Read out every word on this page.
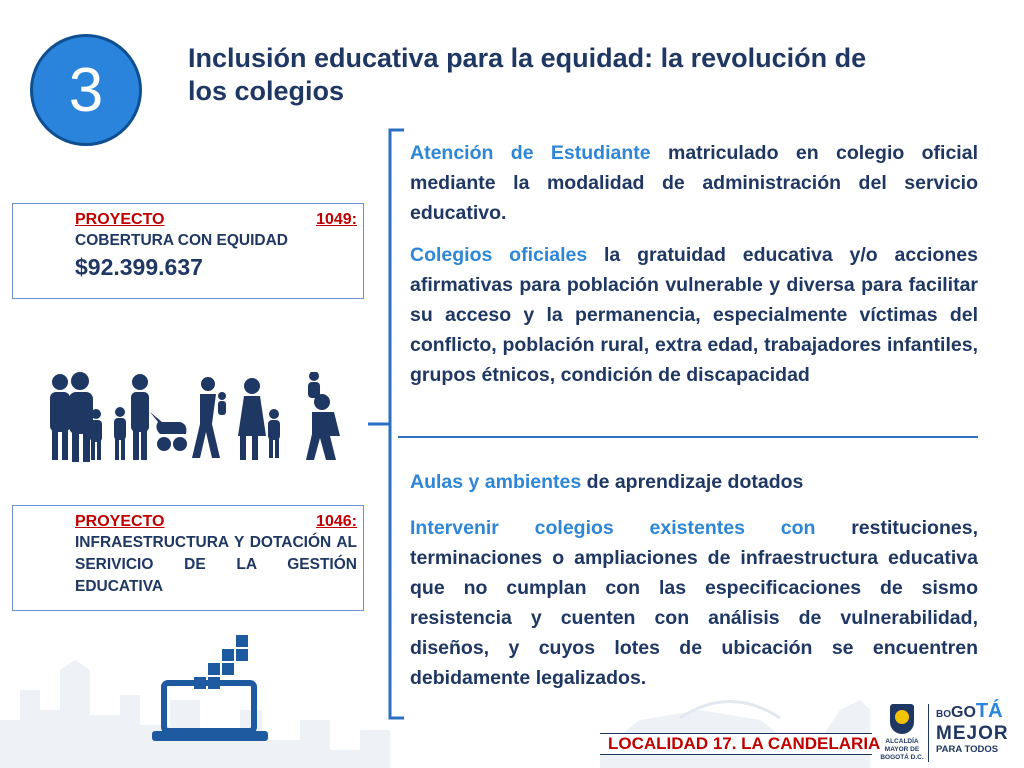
3	Inclusión educativa para la equidad: la revolución de los colegios
PROYECTO	1049:
COBERTURA CON EQUIDAD
$92.399.637
PROYECTO	1046:
INFRAESTRUCTURA Y DOTACIÓN AL SERIVICIO DE LA GESTIÓN EDUCATIVA

Atención de Estudiante matriculado en colegio oficial mediante la modalidad de administración del servicio educativo.

Colegios oficiales la gratuidad educativa y/o acciones afirmativas para población vulnerable y diversa para facilitar su acceso y la permanencia, especialmente víctimas del conflicto, población rural, extra edad, trabajadores infantiles, grupos étnicos, condición de discapacidad

Aulas y ambientes de aprendizaje dotados

Intervenir colegios existentes con restituciones, terminaciones o ampliaciones de infraestructura educativa que no cumplan con las especificaciones de sismo resistencia y cuenten con análisis de vulnerabilidad, diseños, y cuyos lotes de ubicación se encuentren debidamente legalizados.

LOCALIDAD 17. LA CANDELARIA ALCALDÍA MAYOR DE BOGOTÁ D.C.
BOGOTÁ
MEJOR
PARA TODOS
